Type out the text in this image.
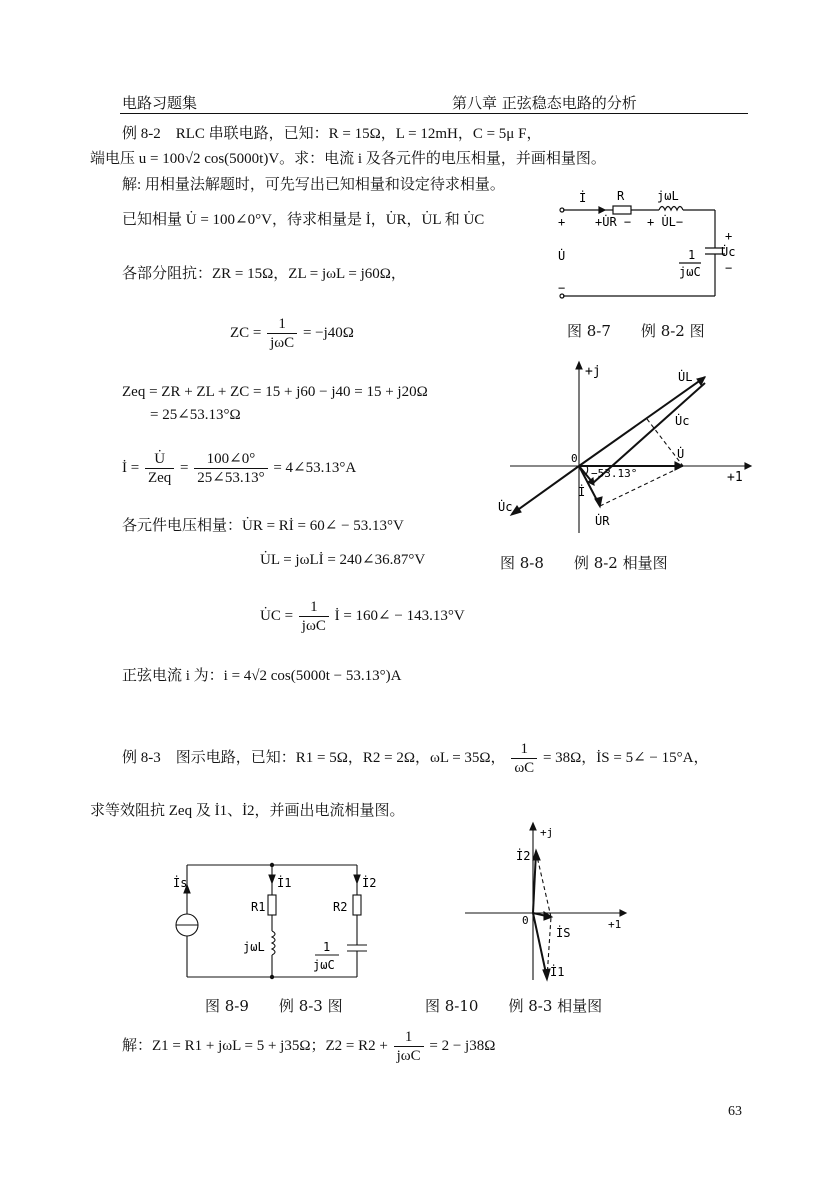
电路习题集	第八章 正弦稳态电路的分析
例 8-2　RLC 串联电路，已知：R = 15Ω，L = 12mH，C = 5μ F，
端电压 u = 100√2 cos(5000t)V。求：电流 i 及各元件的电压相量，并画相量图。
解: 用相量法解题时，可先写出已知相量和设定待求相量。
已知相量 U̇ = 100∠0°V，待求相量是 İ，U̇R，U̇L 和 U̇C
各部分阻抗：ZR = 15Ω，ZL = jωL = j60Ω，
ZC = $\frac{1}{\text{jωC}} = -j40\Omega$
Zeq = ZR + ZL + ZC = 15 + j60 − j40 = 15 + j20Ω
= 25∠53.13°Ω
İ = $\frac{U̇}{\text{Zeq}} = \frac{100\angle 0^\circ}{25\angle 53.13^\circ}$ = 4∠53.13°A
各元件电压相量：U̇R = Rİ = 60∠ − 53.13°V
U̇L = jωLİ = 240∠36.87°V
U̇C = $\frac{1}{\text{jωC}}$ İ = 160∠ − 143.13°V
正弦电流 i 为：i = 4√2 cos(5000t − 53.13°)A
İ	R	jωL
+ +U̇R − + U̇L−
U̇	1
jωC
+
U̇c
−
−
图 8-7　　例 8-2 图
+j
+1
0
U̇L
U̇c
U̇
−53.13°
İ
U̇c
U̇R
图 8-8　　例 8-2 相量图
例 8-3　图示电路，已知：R1 = 5Ω，R2 = 2Ω，ωL = 35Ω， $\frac{1}{\omega C} = 38\Omega$，İS = 5∠ − 15°A，
求等效阻抗 Zeq 及 İ1、İ2，并画出电流相量图。
İs	İ1	İ2
R1	R2
jωL	1
jωC
图 8-9　　例 8-3 图
+j
+1
0
İ2
İS
İ1
图 8-10　　例 8-3 相量图
解：Z1 = R1 + jωL = 5 + j35Ω；$Z2 = R2 + \frac{1}{\text{jωC}} = 2 - j38\Omega$
63
